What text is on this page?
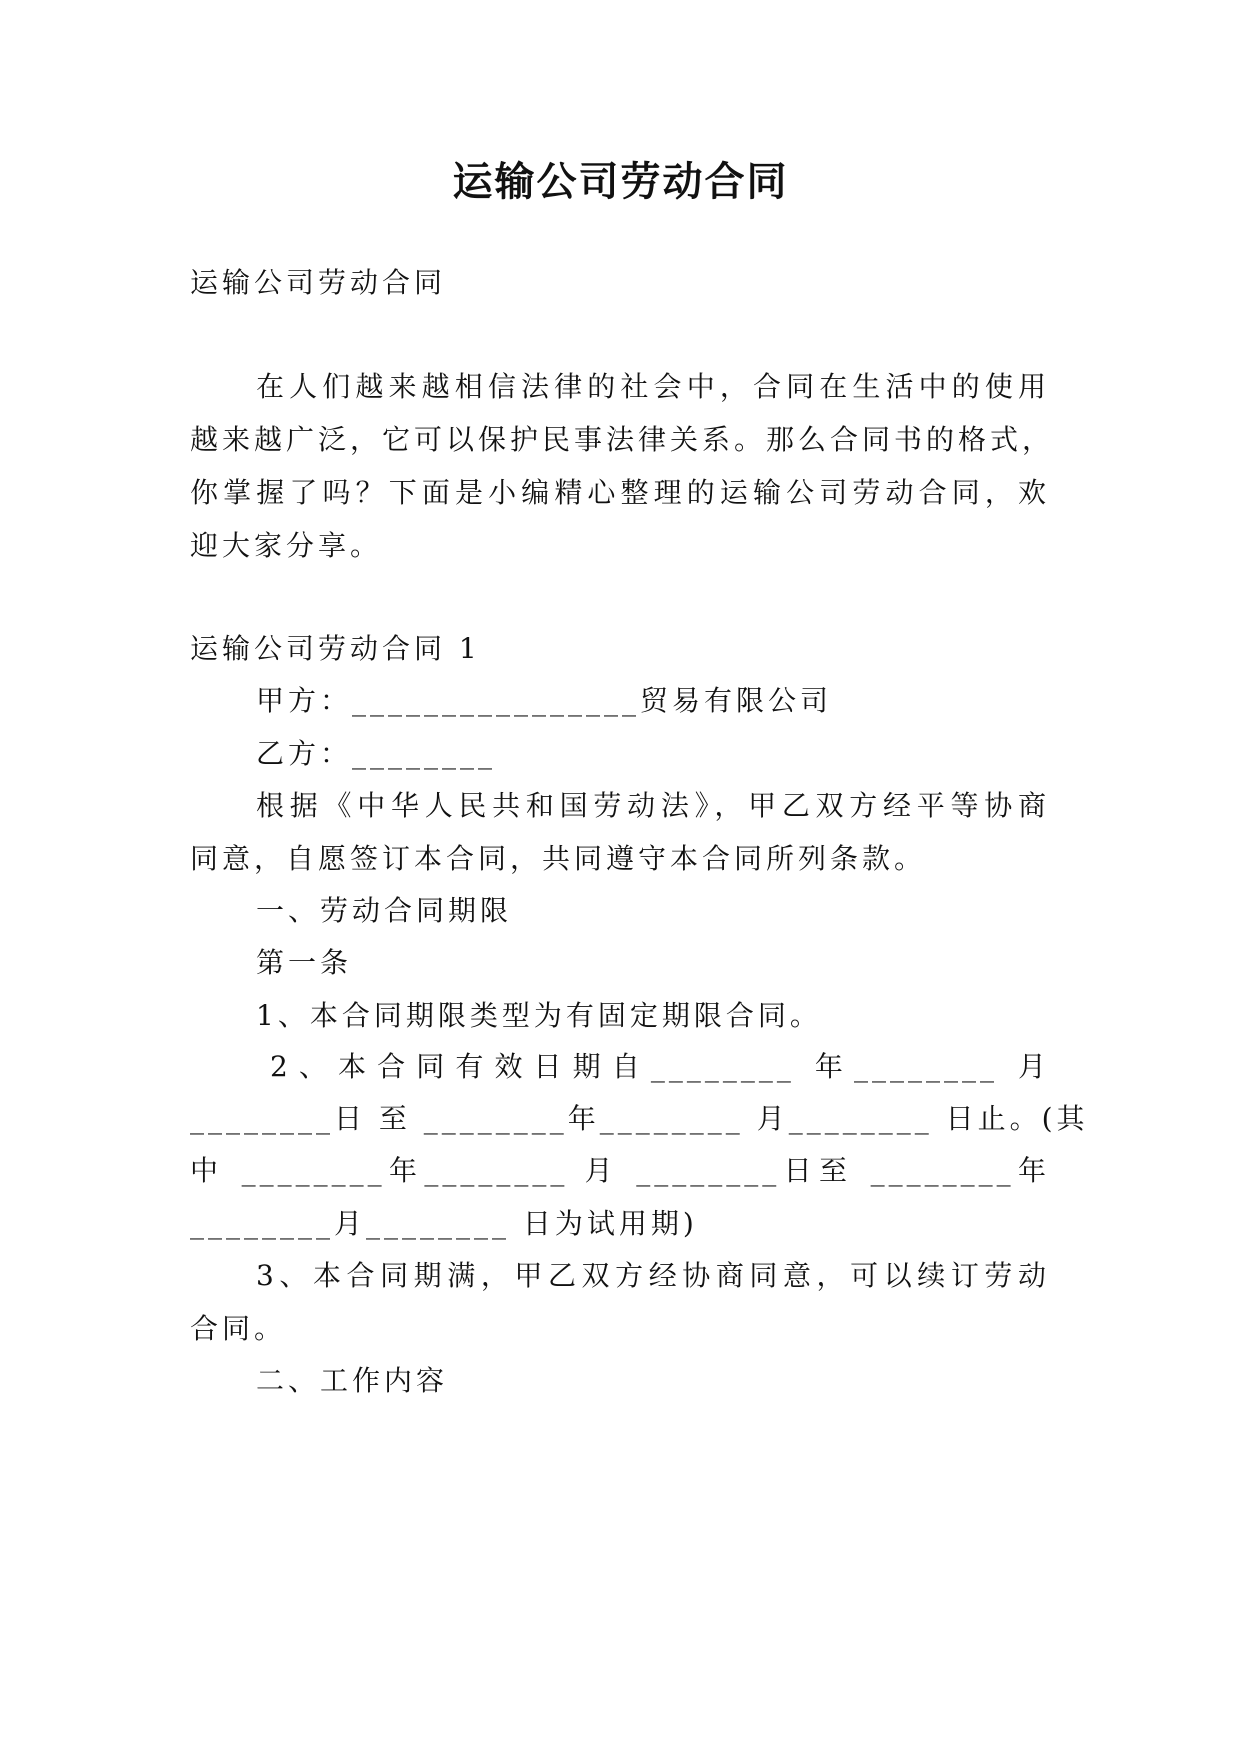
运输公司劳动合同
运输公司劳动合同
在人们越来越相信法律的社会中，合同在生活中的使用
越来越广泛，它可以保护民事法律关系。那么合同书的格式，
你掌握了吗？下面是小编精心整理的运输公司劳动合同，欢
迎大家分享。
运输公司劳动合同 1
甲方：________________贸易有限公司
乙方：________
根据《中华人民共和国劳动法》，甲乙双方经平等协商
同意，自愿签订本合同，共同遵守本合同所列条款。
一、劳动合同期限
第一条
1、本合同期限类型为有固定期限合同。
2、本合同有效日期自________ 年________ 月
________日 至 ________年________ 月________ 日止。(其
中 ________年________ 月 ________日至 ________年
________月________ 日为试用期)
3、本合同期满，甲乙双方经协商同意，可以续订劳动
合同。
二、工作内容
